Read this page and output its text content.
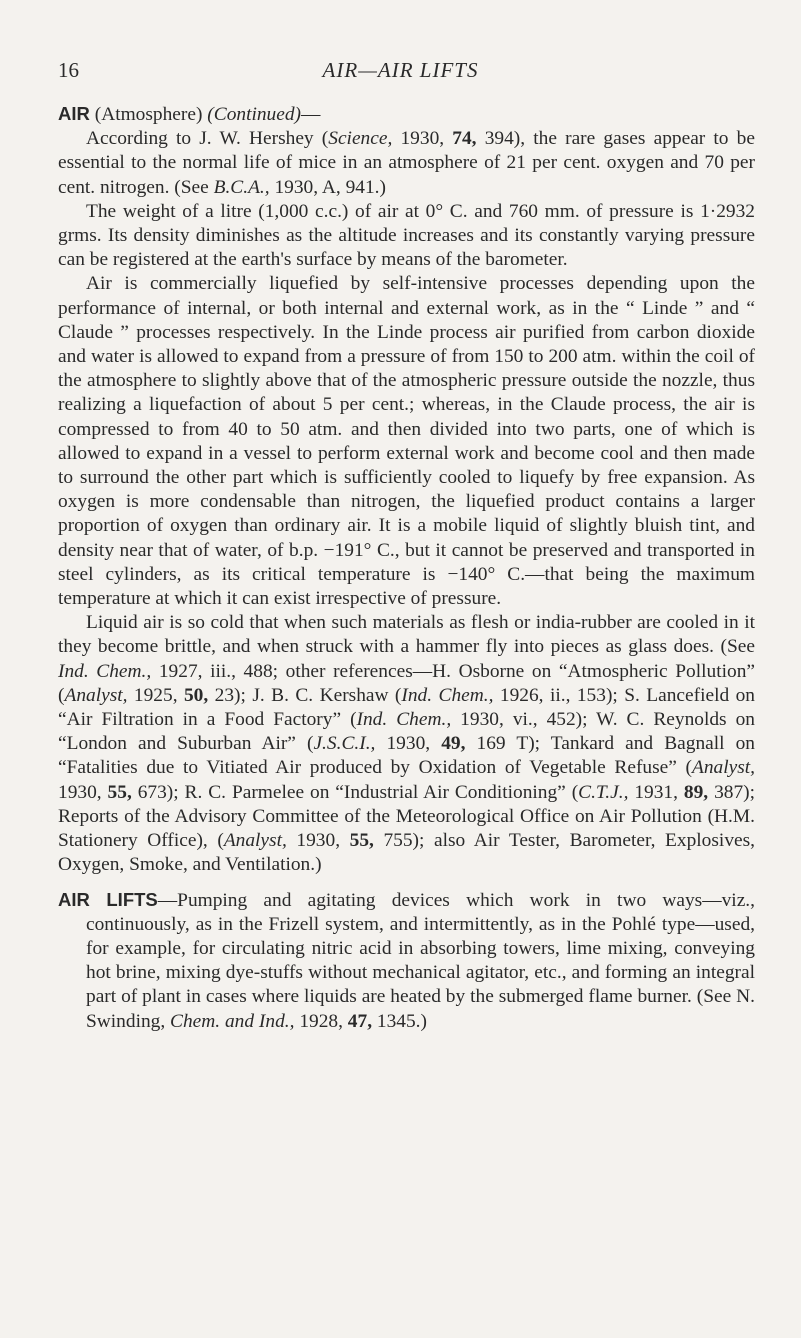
16	AIR—AIR LIFTS

AIR (Atmosphere) (Continued)—

According to J. W. Hershey (Science, 1930, 74, 394), the rare gases appear to be essential to the normal life of mice in an atmosphere of 21 per cent. oxygen and 70 per cent. nitrogen. (See B.C.A., 1930, A, 941.)

The weight of a litre (1,000 c.c.) of air at 0° C. and 760 mm. of pressure is 1·2932 grms. Its density diminishes as the altitude increases and its constantly varying pressure can be registered at the earth's surface by means of the barometer.

Air is commercially liquefied by self-intensive processes depending upon the performance of internal, or both internal and external work, as in the “ Linde ” and “ Claude ” processes respectively. In the Linde process air purified from carbon dioxide and water is allowed to expand from a pressure of from 150 to 200 atm. within the coil of the atmosphere to slightly above that of the atmospheric pressure outside the nozzle, thus realizing a liquefaction of about 5 per cent.; whereas, in the Claude process, the air is compressed to from 40 to 50 atm. and then divided into two parts, one of which is allowed to expand in a vessel to perform external work and become cool and then made to surround the other part which is sufficiently cooled to liquefy by free expansion. As oxygen is more condensable than nitrogen, the liquefied product contains a larger proportion of oxygen than ordinary air. It is a mobile liquid of slightly bluish tint, and density near that of water, of b.p. −191° C., but it cannot be preserved and transported in steel cylinders, as its critical temperature is −140° C.—that being the maximum temperature at which it can exist irrespective of pressure.

Liquid air is so cold that when such materials as flesh or india-rubber are cooled in it they become brittle, and when struck with a hammer fly into pieces as glass does. (See Ind. Chem., 1927, iii., 488; other references—H. Osborne on “Atmospheric Pollution” (Analyst, 1925, 50, 23); J. B. C. Kershaw (Ind. Chem., 1926, ii., 153); S. Lancefield on “Air Filtration in a Food Factory” (Ind. Chem., 1930, vi., 452); W. C. Reynolds on “London and Suburban Air” (J.S.C.I., 1930, 49, 169 T); Tankard and Bagnall on “Fatalities due to Vitiated Air produced by Oxidation of Vegetable Refuse” (Analyst, 1930, 55, 673); R. C. Parmelee on “Industrial Air Conditioning” (C.T.J., 1931, 89, 387); Reports of the Advisory Committee of the Meteorological Office on Air Pollution (H.M. Stationery Office), (Analyst, 1930, 55, 755); also Air Tester, Barometer, Explosives, Oxygen, Smoke, and Ventilation.)

AIR LIFTS—Pumping and agitating devices which work in two ways—viz., continuously, as in the Frizell system, and intermittently, as in the Pohlé type—used, for example, for circulating nitric acid in absorbing towers, lime mixing, conveying hot brine, mixing dye-stuffs without mechanical agitator, etc., and forming an integral part of plant in cases where liquids are heated by the submerged flame burner. (See N. Swinding, Chem. and Ind., 1928, 47, 1345.)
